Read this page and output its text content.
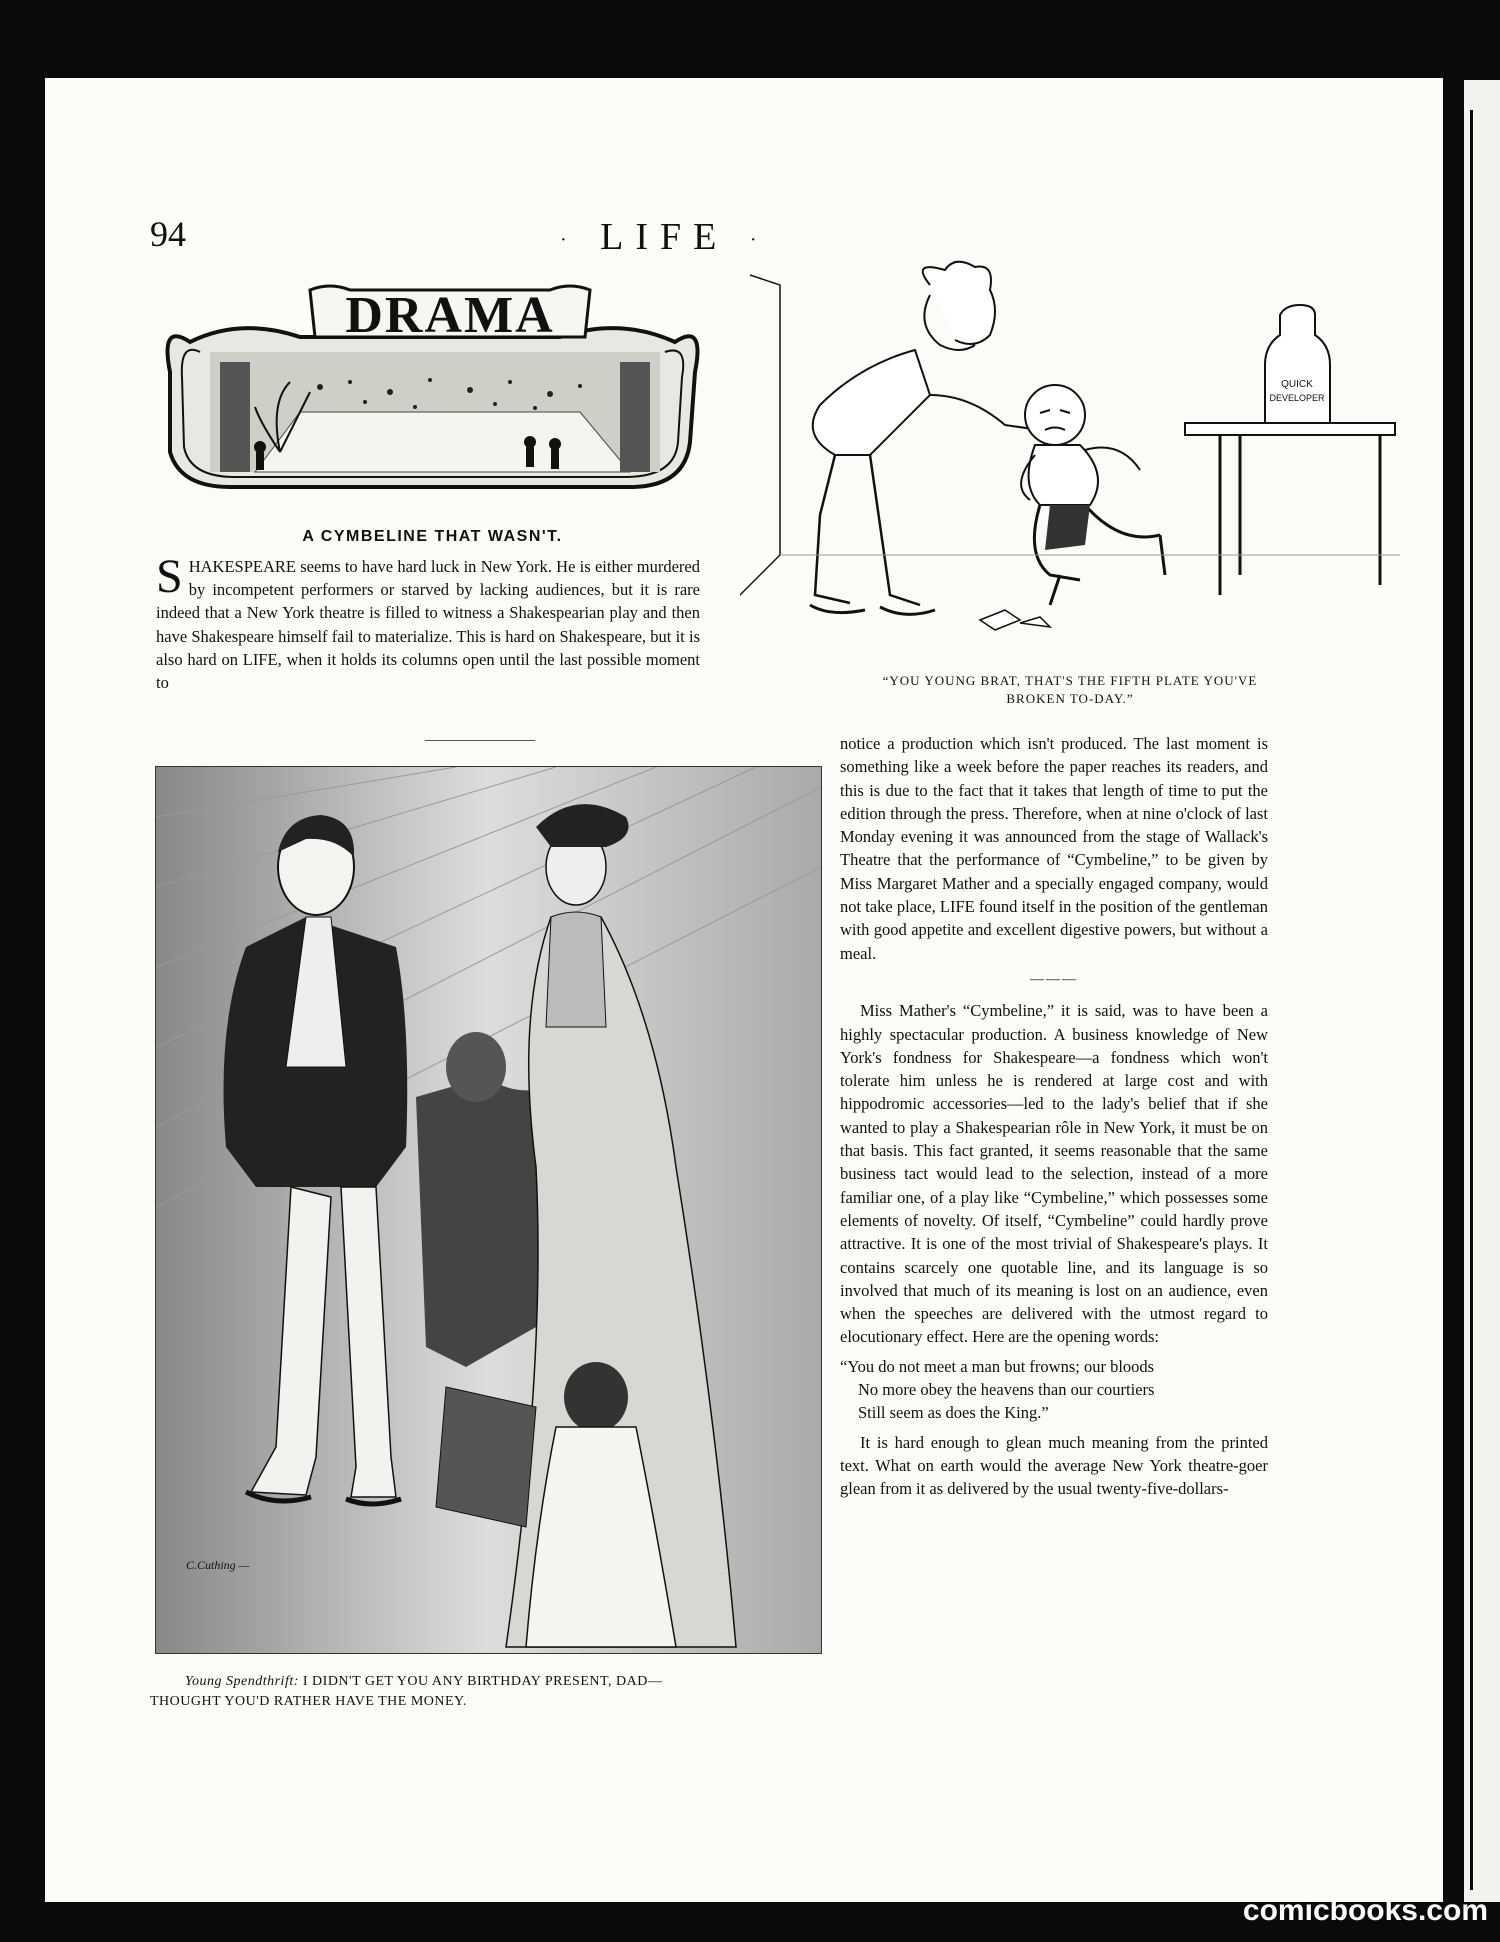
94	· LIFE ·
DRAMA
A CYMBELINE THAT WASN'T.
SHAKESPEARE seems to have hard luck in New York. He is either murdered by incompetent performers or starved by lacking audiences, but it is rare indeed that a New York theatre is filled to witness a Shakespearian play and then have Shakespeare himself fail to materialize. This is hard on Shakespeare, but it is also hard on LIFE, when it holds its columns open until the last possible moment to
QUICK
DEVELOPER
“YOU YOUNG BRAT, THAT'S THE FIFTH PLATE YOU'VE
BROKEN TO-DAY.”
C.Cuthing —
Young Spendthrift: I DIDN'T GET YOU ANY BIRTHDAY PRESENT, DAD—
THOUGHT YOU'D RATHER HAVE THE MONEY.

notice a production which isn't produced. The last moment is something like a week before the paper reaches its readers, and this is due to the fact that it takes that length of time to put the edition through the press. Therefore, when at nine o'clock of last Monday evening it was announced from the stage of Wallack's Theatre that the performance of “Cymbeline,” to be given by Miss Margaret Mather and a specially engaged company, would not take place, LIFE found itself in the position of the gentleman with good appetite and excellent digestive powers, but without a meal.

———

Miss Mather's “Cymbeline,” it is said, was to have been a highly spectacular production. A business knowledge of New York's fondness for Shakespeare—a fondness which won't tolerate him unless he is rendered at large cost and with hippodromic accessories—led to the lady's belief that if she wanted to play a Shakespearian rôle in New York, it must be on that basis. This fact granted, it seems reasonable that the same business tact would lead to the selection, instead of a more familiar one, of a play like “Cymbeline,” which possesses some elements of novelty. Of itself, “Cymbeline” could hardly prove attractive. It is one of the most trivial of Shakespeare's plays. It contains scarcely one quotable line, and its language is so involved that much of its meaning is lost on an audience, even when the speeches are delivered with the utmost regard to elocutionary effect. Here are the opening words:

“You do not meet a man but frowns; our bloods
No more obey the heavens than our courtiers
Still seem as does the King.”

It is hard enough to glean much meaning from the printed text. What on earth would the average New York theatre-goer glean from it as delivered by the usual twenty-five-dollars-

comicbooks.com
